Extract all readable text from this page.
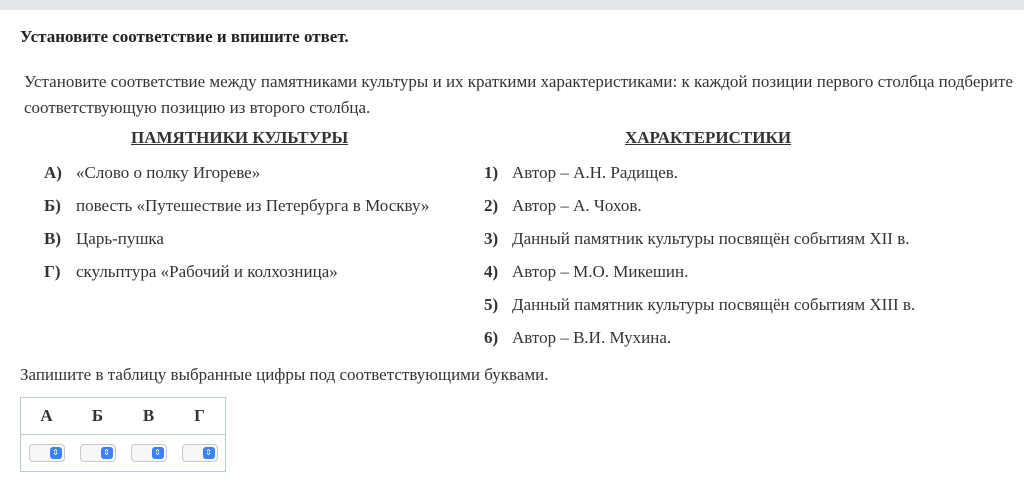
Установите соответствие и впишите ответ.
Установите соответствие между памятниками культуры и их краткими характеристиками: к каждой позиции первого столбца подберите соответствующую позицию из второго столбца.
ПАМЯТНИКИ КУЛЬТУРЫ	ХАРАКТЕРИСТИКИ
А) «Слово о полку Игореве»
Б) повесть «Путешествие из Петербурга в Москву»
В) Царь-пушка
Г) скульптура «Рабочий и колхозница»
1) Автор – А.Н. Радищев.
2) Автор – А. Чохов.
3) Данный памятник культуры посвящён событиям XII в.
4) Автор – М.О. Микешин.
5) Данный памятник культуры посвящён событиям XIII в.
6) Автор – В.И. Мухина.
Запишите в таблицу выбранные цифры под соответствующими буквами.
А	Б	В	Г

⇕	⇕	⇕	⇕
